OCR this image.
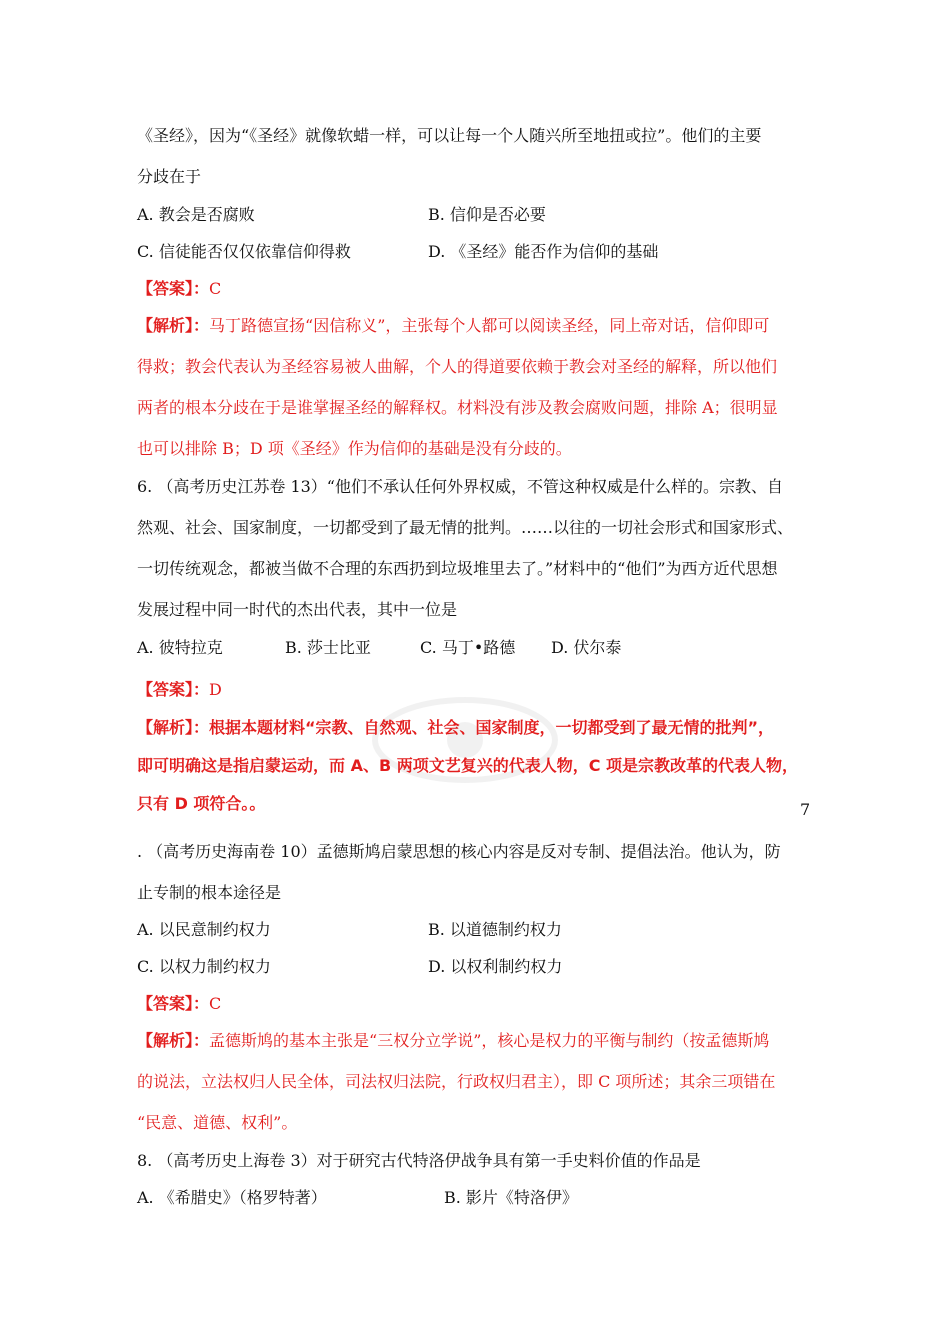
《圣经》，因为“《圣经》就像软蜡一样，可以让每一个人随兴所至地扭或拉”。他们的主要
分歧在于
A. 教会是否腐败	B. 信仰是否必要
C. 信徒能否仅仅依靠信仰得救	D. 《圣经》能否作为信仰的基础
【答案】：C
【解析】：马丁路德宣扬“因信称义”，主张每个人都可以阅读圣经，同上帝对话，信仰即可
得救；教会代表认为圣经容易被人曲解，个人的得道要依赖于教会对圣经的解释，所以他们
两者的根本分歧在于是谁掌握圣经的解释权。材料没有涉及教会腐败问题，排除 A；很明显
也可以排除 B；D 项《圣经》作为信仰的基础是没有分歧的。
6. （高考历史江苏卷 13）“他们不承认任何外界权威，不管这种权威是什么样的。宗教、自
然观、社会、国家制度，一切都受到了最无情的批判。……以往的一切社会形式和国家形式、
一切传统观念，都被当做不合理的东西扔到垃圾堆里去了。”材料中的“他们”为西方近代思想
发展过程中同一时代的杰出代表，其中一位是
A. 彼特拉克	B. 莎士比亚	C. 马丁•路德 D. 伏尔泰
【答案】：D
【解析】：根据本题材料“宗教、自然观、社会、国家制度，一切都受到了最无情的批判”，
即可明确这是指启蒙运动，而 A、B 两项文艺复兴的代表人物，C 项是宗教改革的代表人物，
只有 D 项符合。。	7
. （高考历史海南卷 10）孟德斯鸠启蒙思想的核心内容是反对专制、提倡法治。他认为，防
止专制的根本途径是
A. 以民意制约权力	B. 以道德制约权力
C. 以权力制约权力	D. 以权利制约权力
【答案】：C
【解析】：孟德斯鸠的基本主张是“三权分立学说”，核心是权力的平衡与制约（按孟德斯鸠
的说法，立法权归人民全体，司法权归法院，行政权归君主），即 C 项所述；其余三项错在
“民意、道德、权利”。
8. （高考历史上海卷 3）对于研究古代特洛伊战争具有第一手史料价值的作品是
A. 《希腊史》（格罗特著）	B. 影片《特洛伊》
